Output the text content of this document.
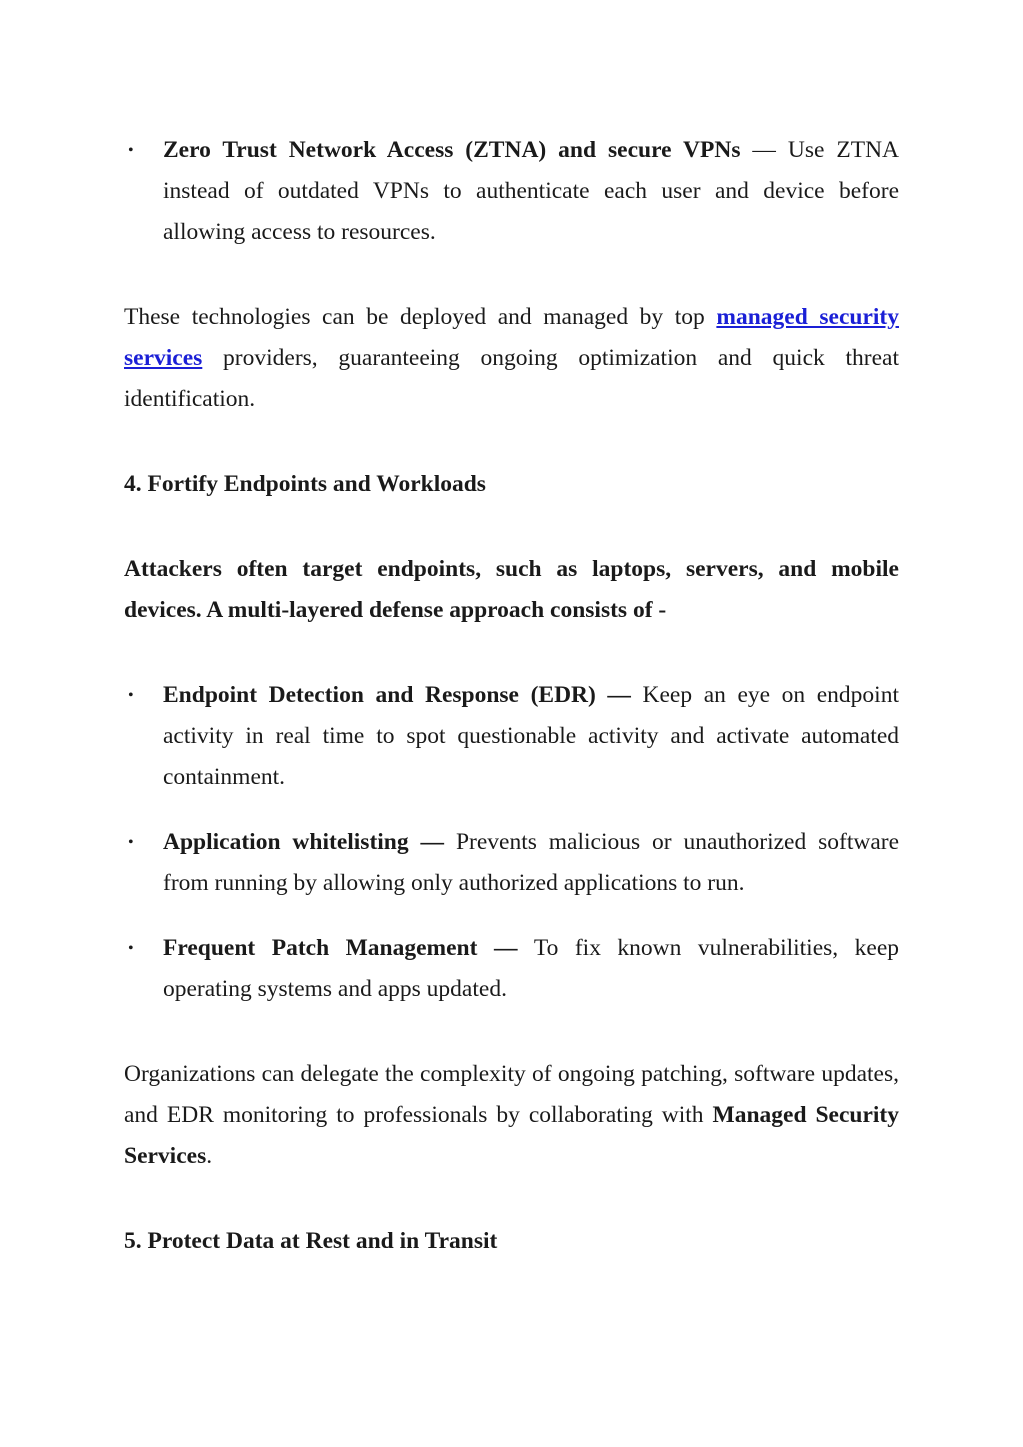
• Zero Trust Network Access (ZTNA) and secure VPNs — Use ZTNA instead of outdated VPNs to authenticate each user and device before allowing access to resources.

These technologies can be deployed and managed by top managed security services providers, guaranteeing ongoing optimization and quick threat identification.

4. Fortify Endpoints and Workloads

Attackers often target endpoints, such as laptops, servers, and mobile devices. A multi-layered defense approach consists of -

• Endpoint Detection and Response (EDR) — Keep an eye on endpoint activity in real time to spot questionable activity and activate automated containment.
• Application whitelisting — Prevents malicious or unauthorized software from running by allowing only authorized applications to run.
• Frequent Patch Management — To fix known vulnerabilities, keep operating systems and apps updated.

Organizations can delegate the complexity of ongoing patching, software updates, and EDR monitoring to professionals by collaborating with Managed Security Services.

5. Protect Data at Rest and in Transit
